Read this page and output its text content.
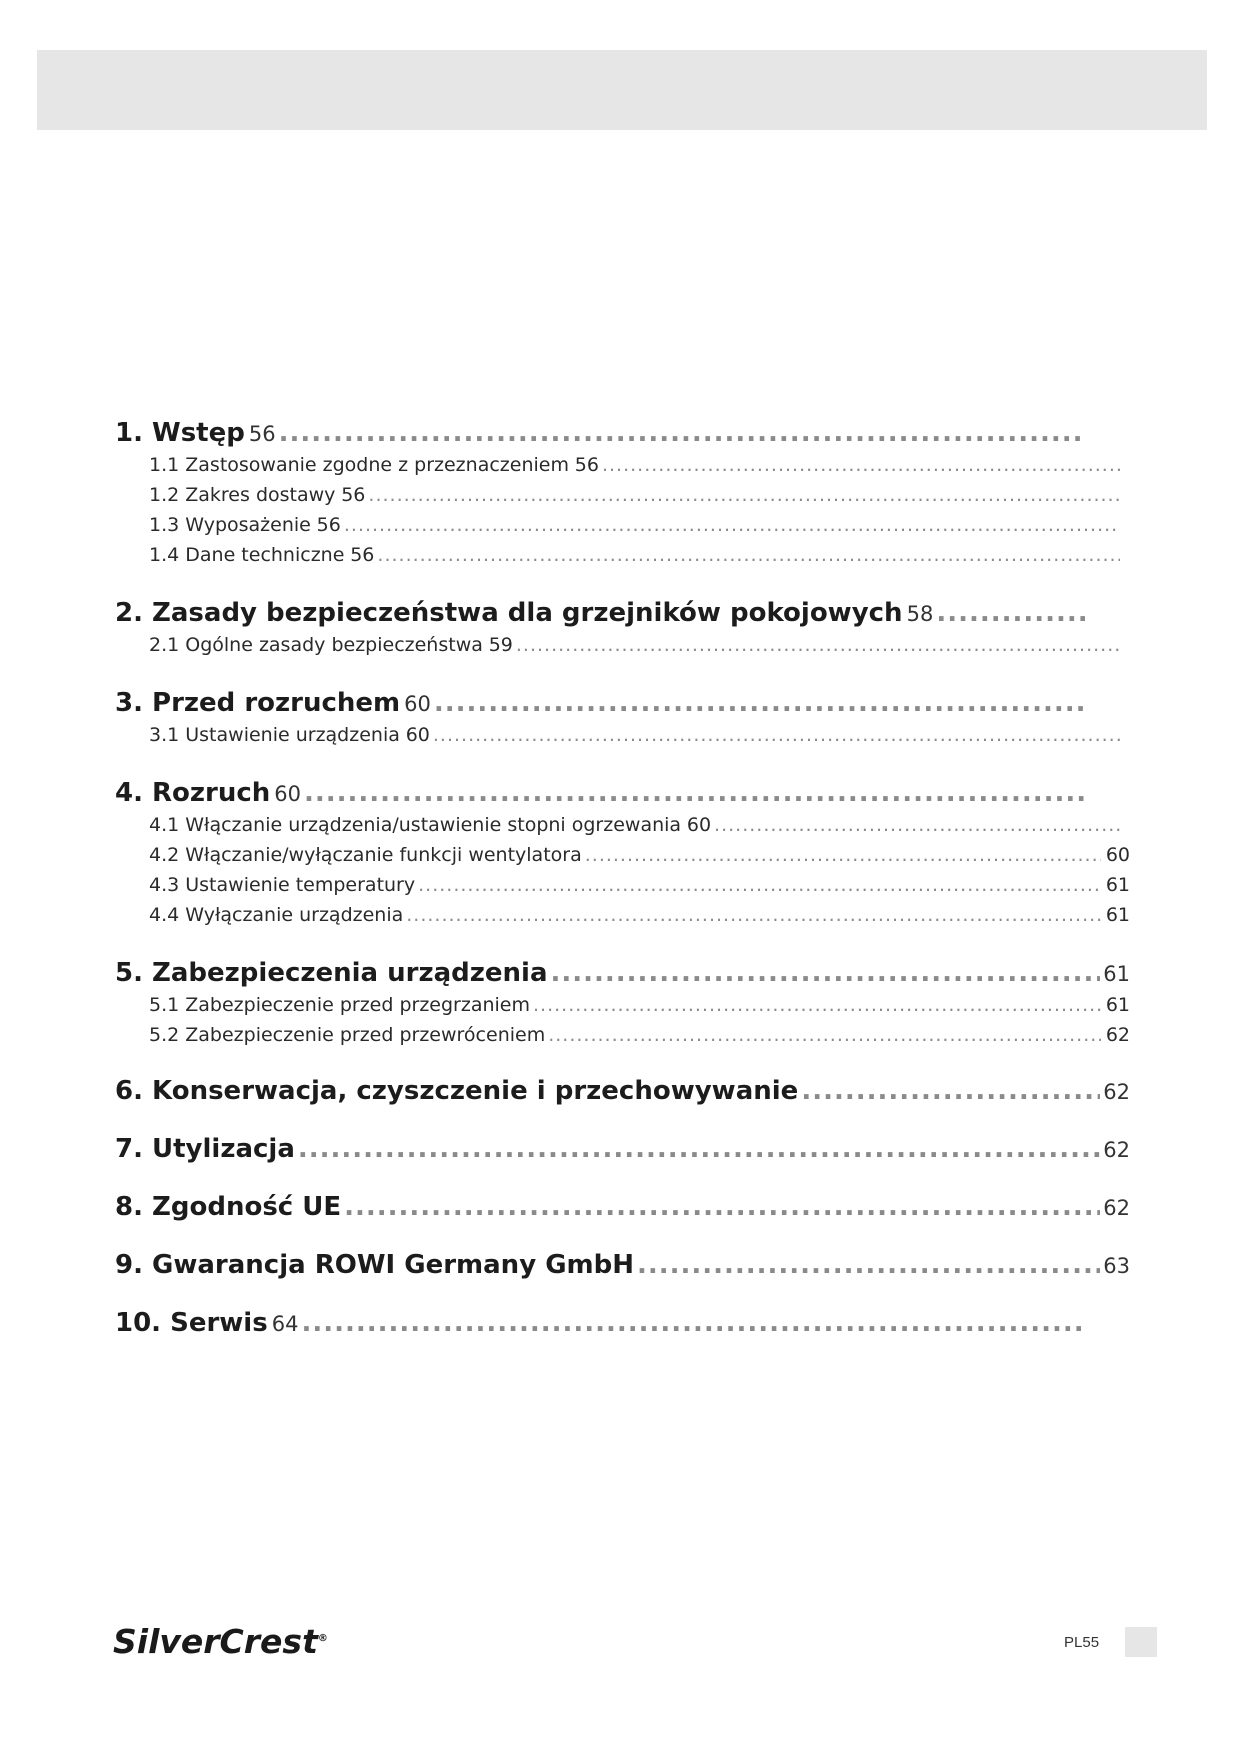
1. Wstęp 56
.....
1.1 Zastosowanie zgodne z przeznaczeniem 56
.....
1.2 Zakres dostawy 56
.....
1.3 Wyposażenie 56
.....
1.4 Dane techniczne 56
.....
2. Zasady bezpieczeństwa dla grzejników pokojowych 58
.....
2.1 Ogólne zasady bezpieczeństwa 59
.....
3. Przed rozruchem 60
.....
3.1 Ustawienie urządzenia 60
.....
4. Rozruch 60
.....
4.1 Włączanie urządzenia/ustawienie stopni ogrzewania 60
.....
4.2 Włączanie/wyłączanie funkcji wentylatora .....	60
4.3 Ustawienie temperatury .....	61
4.4 Wyłączanie urządzenia .....	61
5. Zabezpieczenia urządzenia .....	61
5.1 Zabezpieczenie przed przegrzaniem .....	61
5.2 Zabezpieczenie przed przewróceniem .....	62
6. Konserwacja, czyszczenie i przechowywanie .....	62
7. Utylizacja .....	62
8. Zgodność UE .....	62
9. Gwarancja ROWI Germany GmbH .....	63
10. Serwis 64
.....
SilverCrest®	PL55
